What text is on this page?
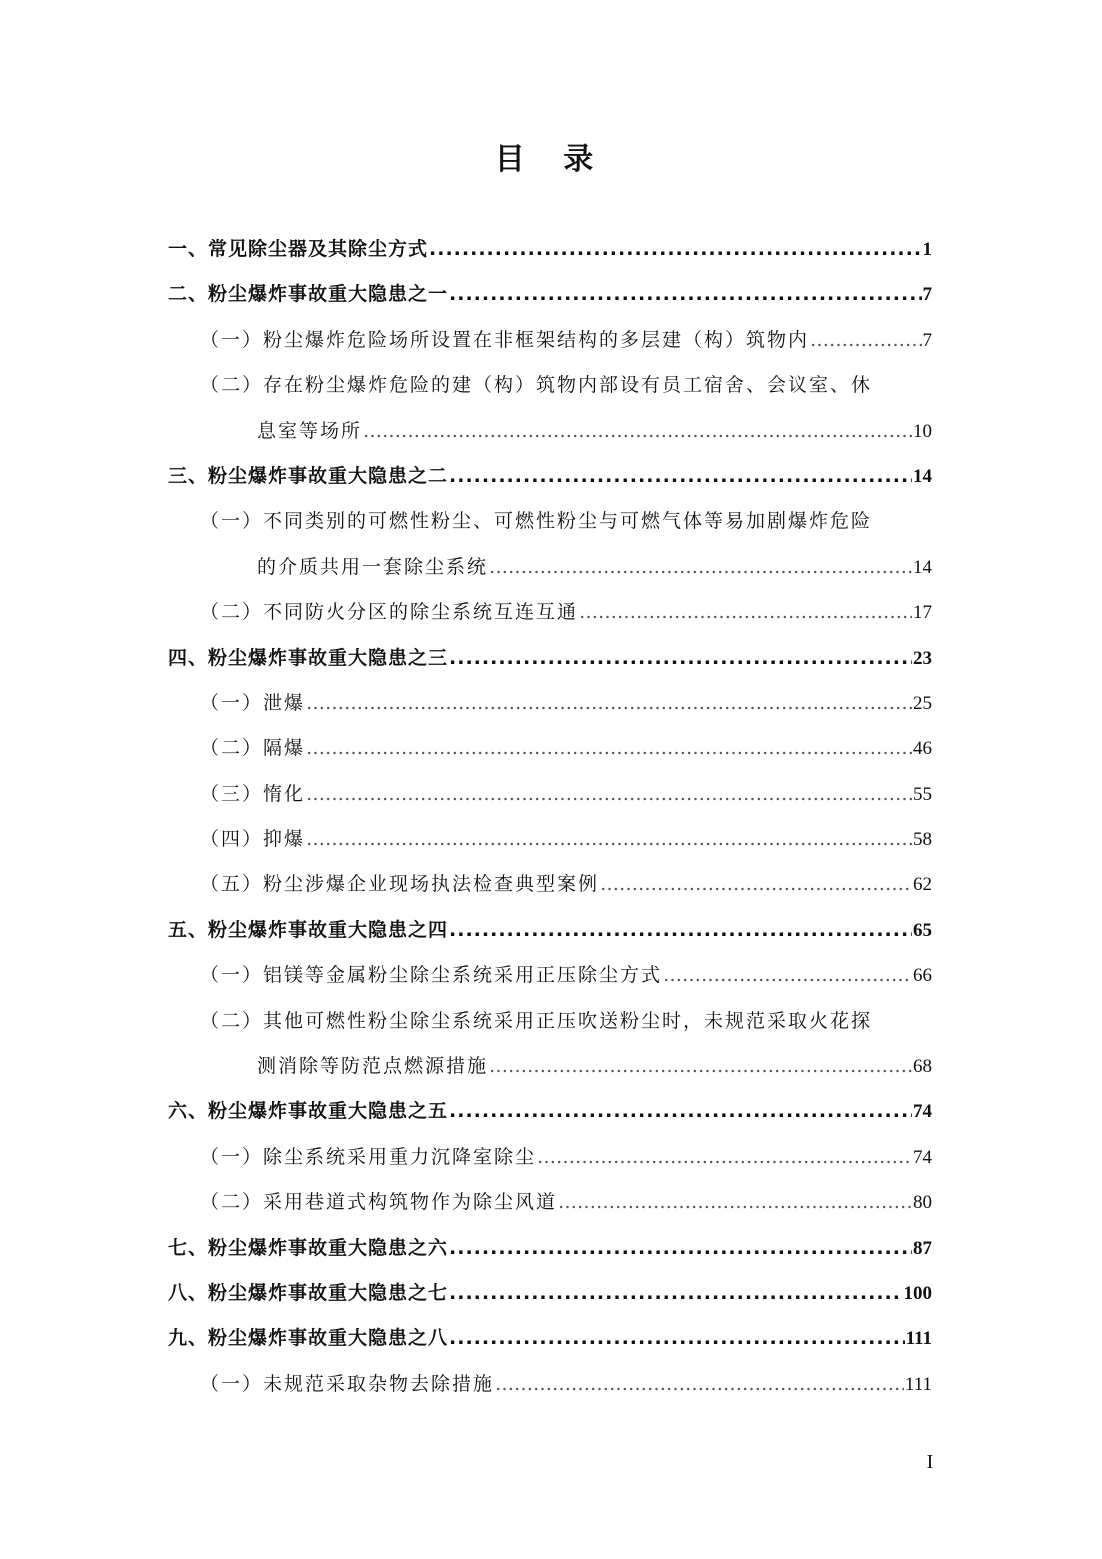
目 录
一、常见除尘器及其除尘方式 .....	1
二、粉尘爆炸事故重大隐患之一 .....	7
（一）粉尘爆炸危险场所设置在非框架结构的多层建（构）筑物内 ……………………………………………………………………………………………………………………………	7
（二）存在粉尘爆炸危险的建（构）筑物内部设有员工宿舍、会议室、休
息室等场所 ……………………………………………………………………………………………………………………………	10
三、粉尘爆炸事故重大隐患之二 .....	14
（一）不同类别的可燃性粉尘、可燃性粉尘与可燃气体等易加剧爆炸危险
的介质共用一套除尘系统 ……………………………………………………………………………………………………………………………	14
（二）不同防火分区的除尘系统互连互通 ……………………………………………………………………………………………………………………………	17
四、粉尘爆炸事故重大隐患之三 .....	23
（一）泄爆 ……………………………………………………………………………………………………………………………	25
（二）隔爆 ……………………………………………………………………………………………………………………………	46
（三）惰化 ……………………………………………………………………………………………………………………………	55
（四）抑爆 ……………………………………………………………………………………………………………………………	58
（五）粉尘涉爆企业现场执法检查典型案例 ……………………………………………………………………………………………………………………………	62
五、粉尘爆炸事故重大隐患之四 .....	65
（一）铝镁等金属粉尘除尘系统采用正压除尘方式 ……………………………………………………………………………………………………………………………	66
（二）其他可燃性粉尘除尘系统采用正压吹送粉尘时，未规范采取火花探
测消除等防范点燃源措施 ……………………………………………………………………………………………………………………………	68
六、粉尘爆炸事故重大隐患之五 .....	74
（一）除尘系统采用重力沉降室除尘 ……………………………………………………………………………………………………………………………	74
（二）采用巷道式构筑物作为除尘风道 ……………………………………………………………………………………………………………………………	80
七、粉尘爆炸事故重大隐患之六 .....	87
八、粉尘爆炸事故重大隐患之七 .....	100
九、粉尘爆炸事故重大隐患之八 .....	111
（一）未规范采取杂物去除措施 ……………………………………………………………………………………………………………………………	111
I
